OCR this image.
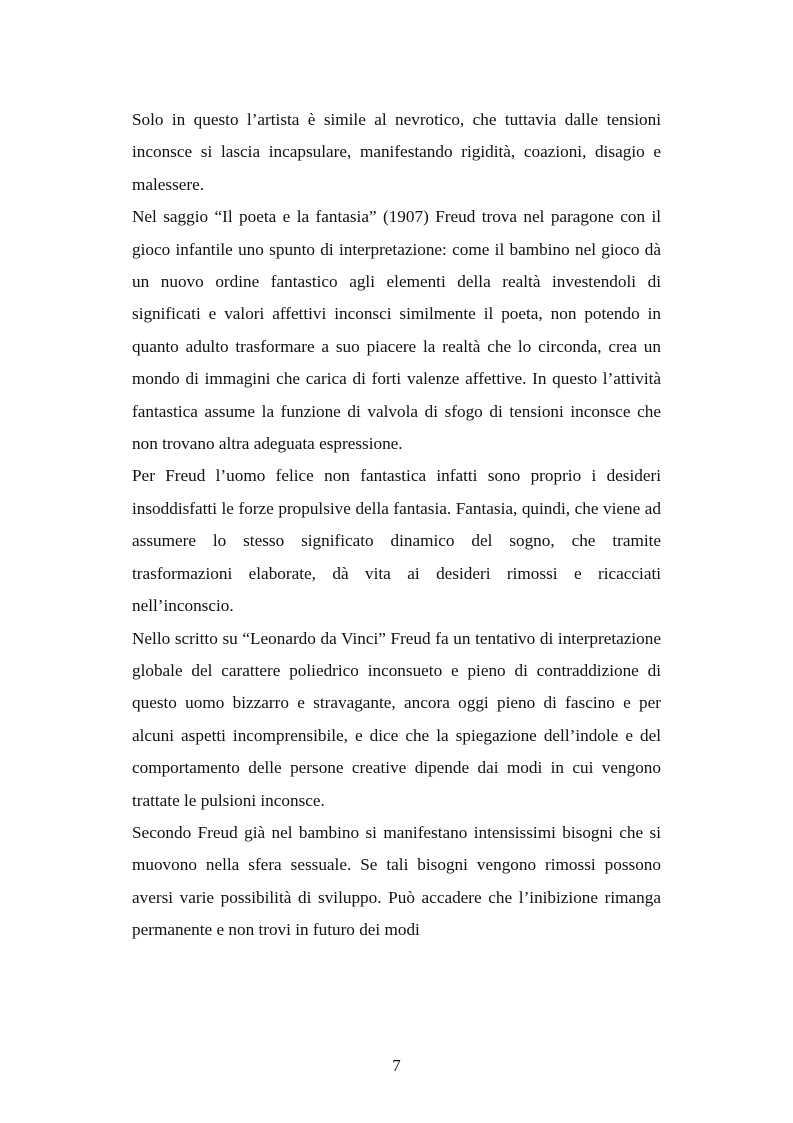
Solo in questo l’artista è simile al nevrotico, che tuttavia dalle tensioni inconsce si lascia incapsulare, manifestando rigidità, coazioni, disagio e malessere.

Nel saggio “Il poeta e la fantasia” (1907) Freud trova nel paragone con il gioco infantile uno spunto di interpretazione: come il bambino nel gioco dà un nuovo ordine fantastico agli elementi della realtà investendoli di significati e valori affettivi inconsci similmente il poeta, non potendo in quanto adulto trasformare a suo piacere la realtà che lo circonda, crea un mondo di immagini che carica di forti valenze affettive. In questo l’attività fantastica assume la funzione di valvola di sfogo di tensioni inconsce che non trovano altra adeguata espressione.

Per Freud l’uomo felice non fantastica infatti sono proprio i desideri insoddisfatti le forze propulsive della fantasia. Fantasia, quindi, che viene ad assumere lo stesso significato dinamico del sogno, che tramite trasformazioni elaborate, dà vita ai desideri rimossi e ricacciati nell’inconscio.

Nello scritto su “Leonardo da Vinci” Freud fa un tentativo di interpretazione globale del carattere poliedrico inconsueto e pieno di contraddizione di questo uomo bizzarro e stravagante, ancora oggi pieno di fascino e per alcuni aspetti incomprensibile, e dice che la spiegazione dell’indole e del comportamento delle persone creative dipende dai modi in cui vengono trattate le pulsioni inconsce.

Secondo Freud già nel bambino si manifestano intensissimi bisogni che si muovono nella sfera sessuale. Se tali bisogni vengono rimossi possono aversi varie possibilità di sviluppo. Può accadere che l’inibizione rimanga permanente e non trovi in futuro dei modi

7
